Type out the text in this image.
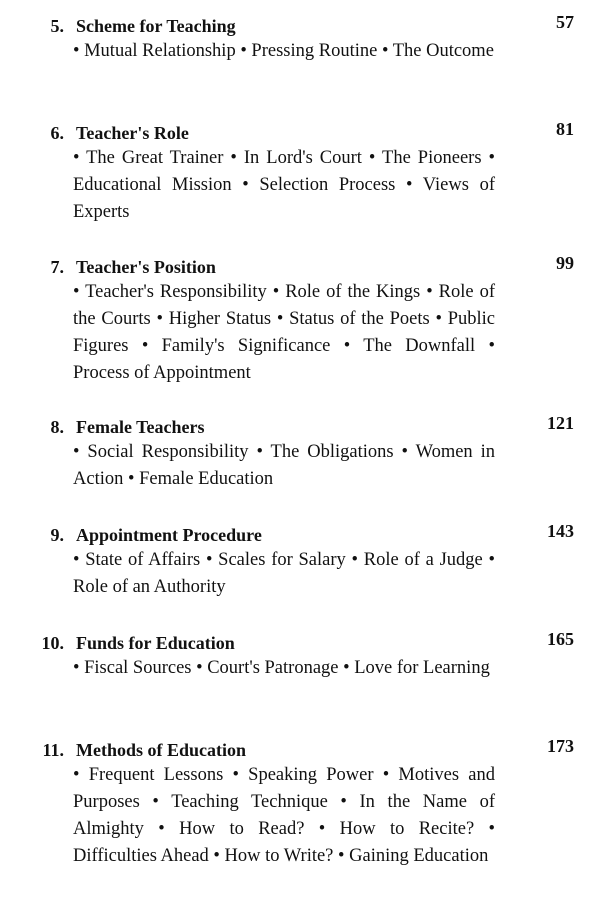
5. Scheme for Teaching	57
• Mutual Relationship • Pressing Routine • The Outcome
6. Teacher's Role	81
• The Great Trainer • In Lord's Court • The Pioneers • Educational Mission • Selection Process • Views of Experts
7. Teacher's Position	99
• Teacher's Responsibility • Role of the Kings • Role of the Courts • Higher Status • Status of the Poets • Public Figures • Family's Significance • The Downfall • Process of Appointment
8. Female Teachers	121
• Social Responsibility • The Obligations • Women in Action • Female Education
9. Appointment Procedure	143
• State of Affairs • Scales for Salary • Role of a Judge • Role of an Authority
10. Funds for Education	165
• Fiscal Sources • Court's Patronage • Love for Learning
11. Methods of Education	173
• Frequent Lessons • Speaking Power • Motives and Purposes • Teaching Technique • In the Name of Almighty • How to Read? • How to Recite? • Difficulties Ahead • How to Write? • Gaining Education
